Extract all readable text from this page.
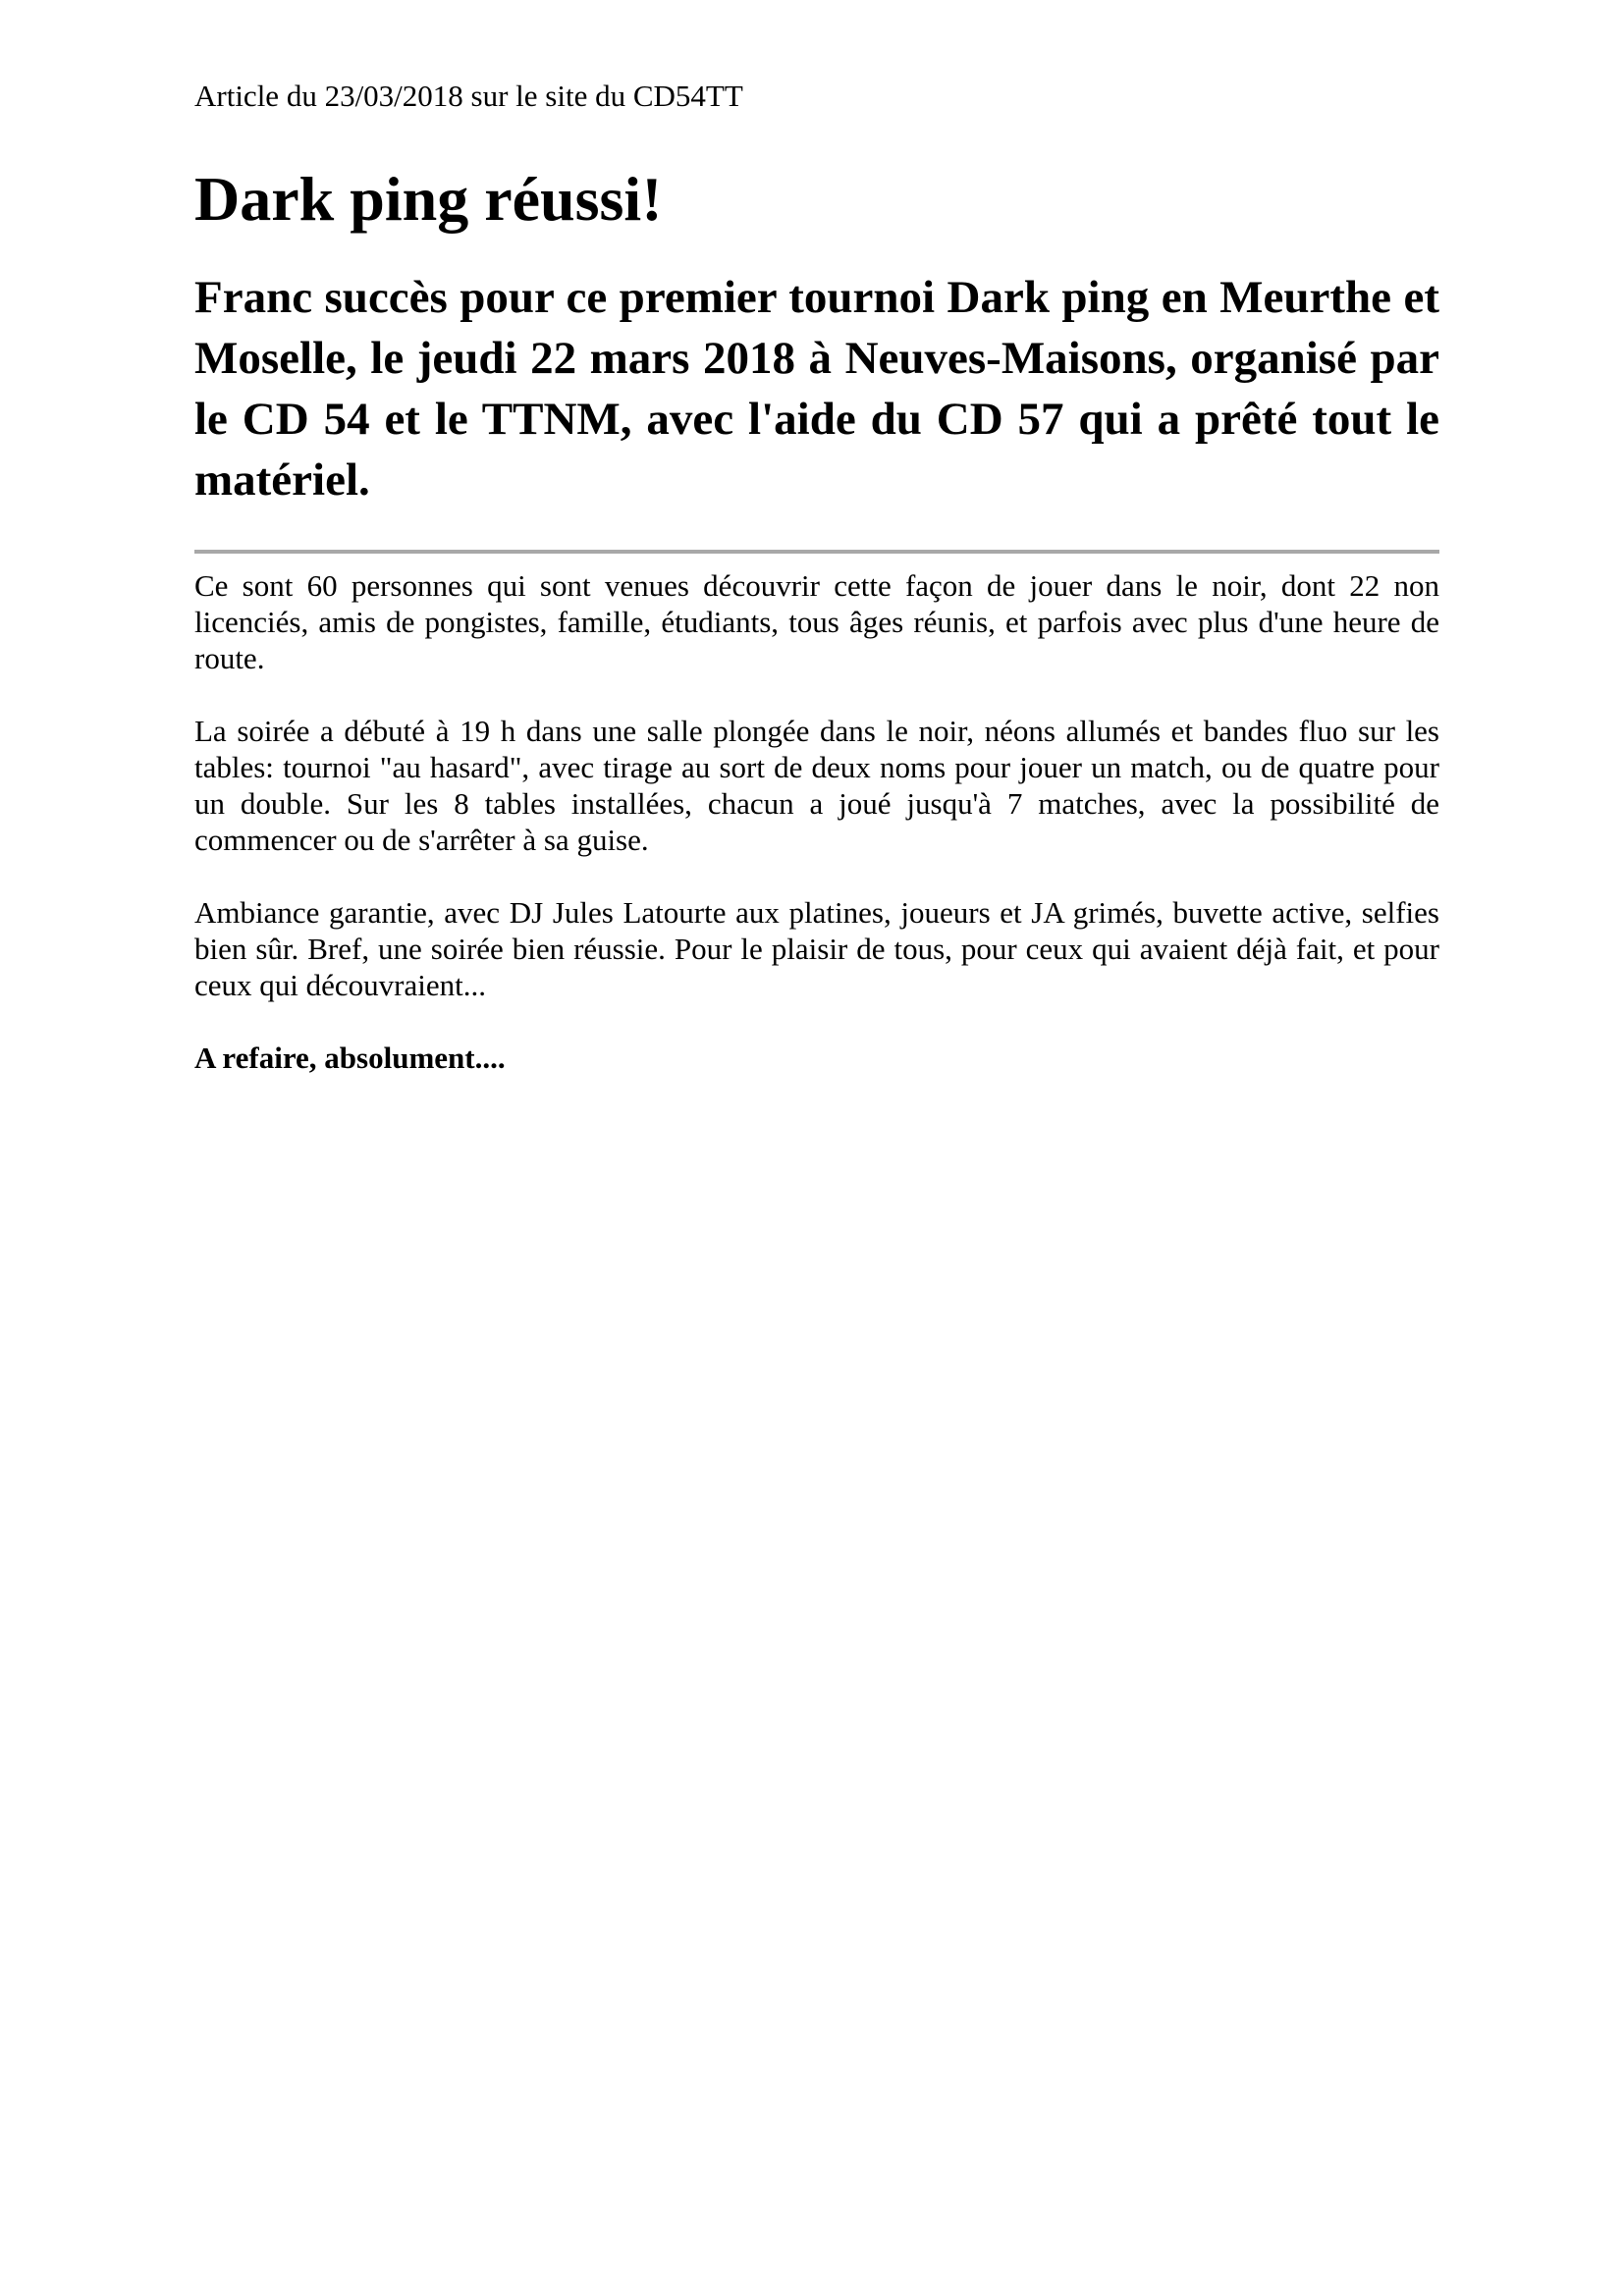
Article du 23/03/2018 sur le site du CD54TT

Dark ping réussi!

Franc succès pour ce premier tournoi Dark ping en Meurthe et Moselle, le jeudi 22 mars 2018 à Neuves-Maisons, organisé par le CD 54 et le TTNM, avec l'aide du CD 57 qui a prêté tout le matériel.

Ce sont 60 personnes qui sont venues découvrir cette façon de jouer dans le noir, dont 22 non licenciés, amis de pongistes, famille, étudiants, tous âges réunis, et parfois avec plus d'une heure de route.

La soirée a débuté à 19 h dans une salle plongée dans le noir, néons allumés et bandes fluo sur les tables: tournoi "au hasard", avec tirage au sort de deux noms pour jouer un match, ou de quatre pour un double. Sur les 8 tables installées, chacun a joué jusqu'à 7 matches, avec la possibilité de commencer ou de s'arrêter à sa guise.

Ambiance garantie, avec DJ Jules Latourte aux platines, joueurs et JA grimés, buvette active, selfies bien sûr. Bref, une soirée bien réussie. Pour le plaisir de tous, pour ceux qui avaient déjà fait, et pour ceux qui découvraient...

A refaire, absolument....
